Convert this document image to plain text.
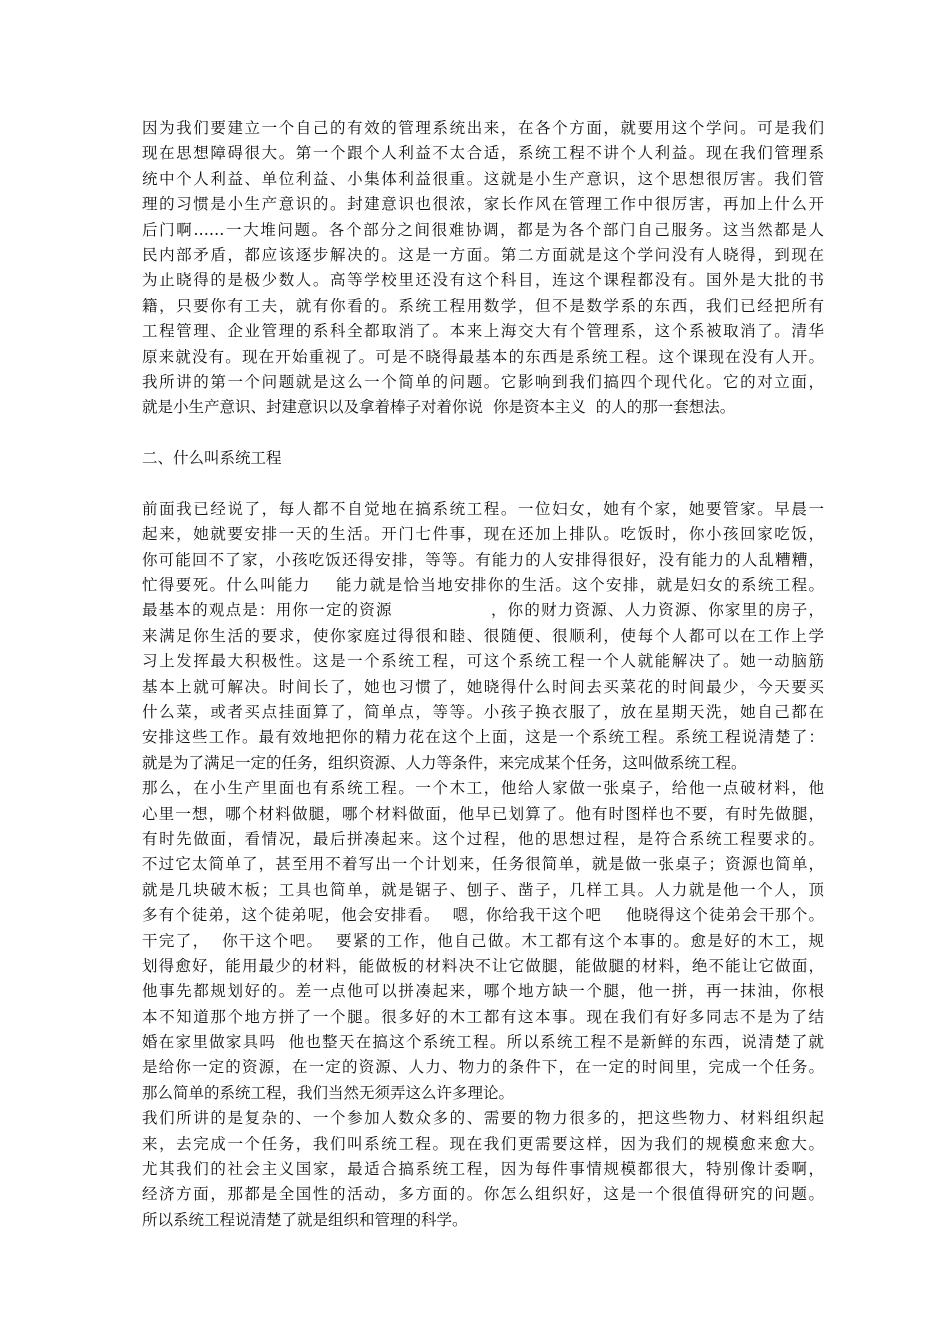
因为我们要建立一个自己的有效的管理系统出来，在各个方面，就要用这个学问。可是我们
现在思想障碍很大。第一个跟个人利益不太合适，系统工程不讲个人利益。现在我们管理系
统中个人利益、单位利益、小集体利益很重。这就是小生产意识，这个思想很厉害。我们管
理的习惯是小生产意识的。封建意识也很浓，家长作风在管理工作中很厉害，再加上什么开
后门啊……一大堆问题。各个部分之间很难协调，都是为各个部门自己服务。这当然都是人
民内部矛盾，都应该逐步解决的。这是一方面。第二方面就是这个学问没有人晓得，到现在
为止晓得的是极少数人。高等学校里还没有这个科目，连这个课程都没有。国外是大批的书
籍，只要你有工夫，就有你看的。系统工程用数学，但不是数学系的东西，我们已经把所有
工程管理、企业管理的系科全都取消了。本来上海交大有个管理系，这个系被取消了。清华
原来就没有。现在开始重视了。可是不晓得最基本的东西是系统工程。这个课现在没有人开。
我所讲的第一个问题就是这么一个简单的问题。它影响到我们搞四个现代化。它的对立面，
就是小生产意识、封建意识以及拿着棒子对着你说  你是资本主义  的人的那一套想法。
二、什么叫系统工程
前面我已经说了，每人都不自觉地在搞系统工程。一位妇女，她有个家，她要管家。早晨一
起来，她就要安排一天的生活。开门七件事，现在还加上排队。吃饭时，你小孩回家吃饭，
你可能回不了家，小孩吃饭还得安排，等等。有能力的人安排得很好，没有能力的人乱糟糟，
忙得要死。什么叫能力    能力就是恰当地安排你的生活。这个安排，就是妇女的系统工程。
最基本的观点是：用你一定的资源                ，你的财力资源、人力资源、你家里的房子，
来满足你生活的要求，使你家庭过得很和睦、很随便、很顺利，使每个人都可以在工作上学
习上发挥最大积极性。这是一个系统工程，可这个系统工程一个人就能解决了。她一动脑筋
基本上就可解决。时间长了，她也习惯了，她晓得什么时间去买菜花的时间最少，今天要买
什么菜，或者买点挂面算了，简单点，等等。小孩子换衣服了，放在星期天洗，她自己都在
安排这些工作。最有效地把你的精力花在这个上面，这是一个系统工程。系统工程说清楚了：
就是为了满足一定的任务，组织资源、人力等条件，来完成某个任务，这叫做系统工程。
那么，在小生产里面也有系统工程。一个木工，他给人家做一张桌子，给他一点破材料，他
心里一想，哪个材料做腿，哪个材料做面，他早已划算了。他有时图样也不要，有时先做腿，
有时先做面，看情况，最后拼凑起来。这个过程，他的思想过程，是符合系统工程要求的。
不过它太简单了，甚至用不着写出一个计划来，任务很简单，就是做一张桌子；资源也简单，
就是几块破木板；工具也简单，就是锯子、刨子、凿子，几样工具。人力就是他一个人，顶
多有个徒弟，这个徒弟呢，他会安排看。  嗯，你给我干这个吧    他晓得这个徒弟会干那个。
干完了，  你干这个吧。  要紧的工作，他自己做。木工都有这个本事的。愈是好的木工，规
划得愈好，能用最少的材料，能做板的材料决不让它做腿，能做腿的材料，绝不能让它做面，
他事先都规划好的。差一点他可以拼凑起来，哪个地方缺一个腿，他一拼，再一抹油，你根
本不知道那个地方拼了一个腿。很多好的木工都有这本事。现在我们有好多同志不是为了结
婚在家里做家具吗  他也整天在搞这个系统工程。所以系统工程不是新鲜的东西，说清楚了就
是给你一定的资源，在一定的资源、人力、物力的条件下，在一定的时间里，完成一个任务。
那么简单的系统工程，我们当然无须弄这么许多理论。
我们所讲的是复杂的、一个参加人数众多的、需要的物力很多的，把这些物力、材料组织起
来，去完成一个任务，我们叫系统工程。现在我们更需要这样，因为我们的规模愈来愈大。
尤其我们的社会主义国家，最适合搞系统工程，因为每件事情规模都很大，特别像计委啊，
经济方面，那都是全国性的活动，多方面的。你怎么组织好，这是一个很值得研究的问题。
所以系统工程说清楚了就是组织和管理的科学。
